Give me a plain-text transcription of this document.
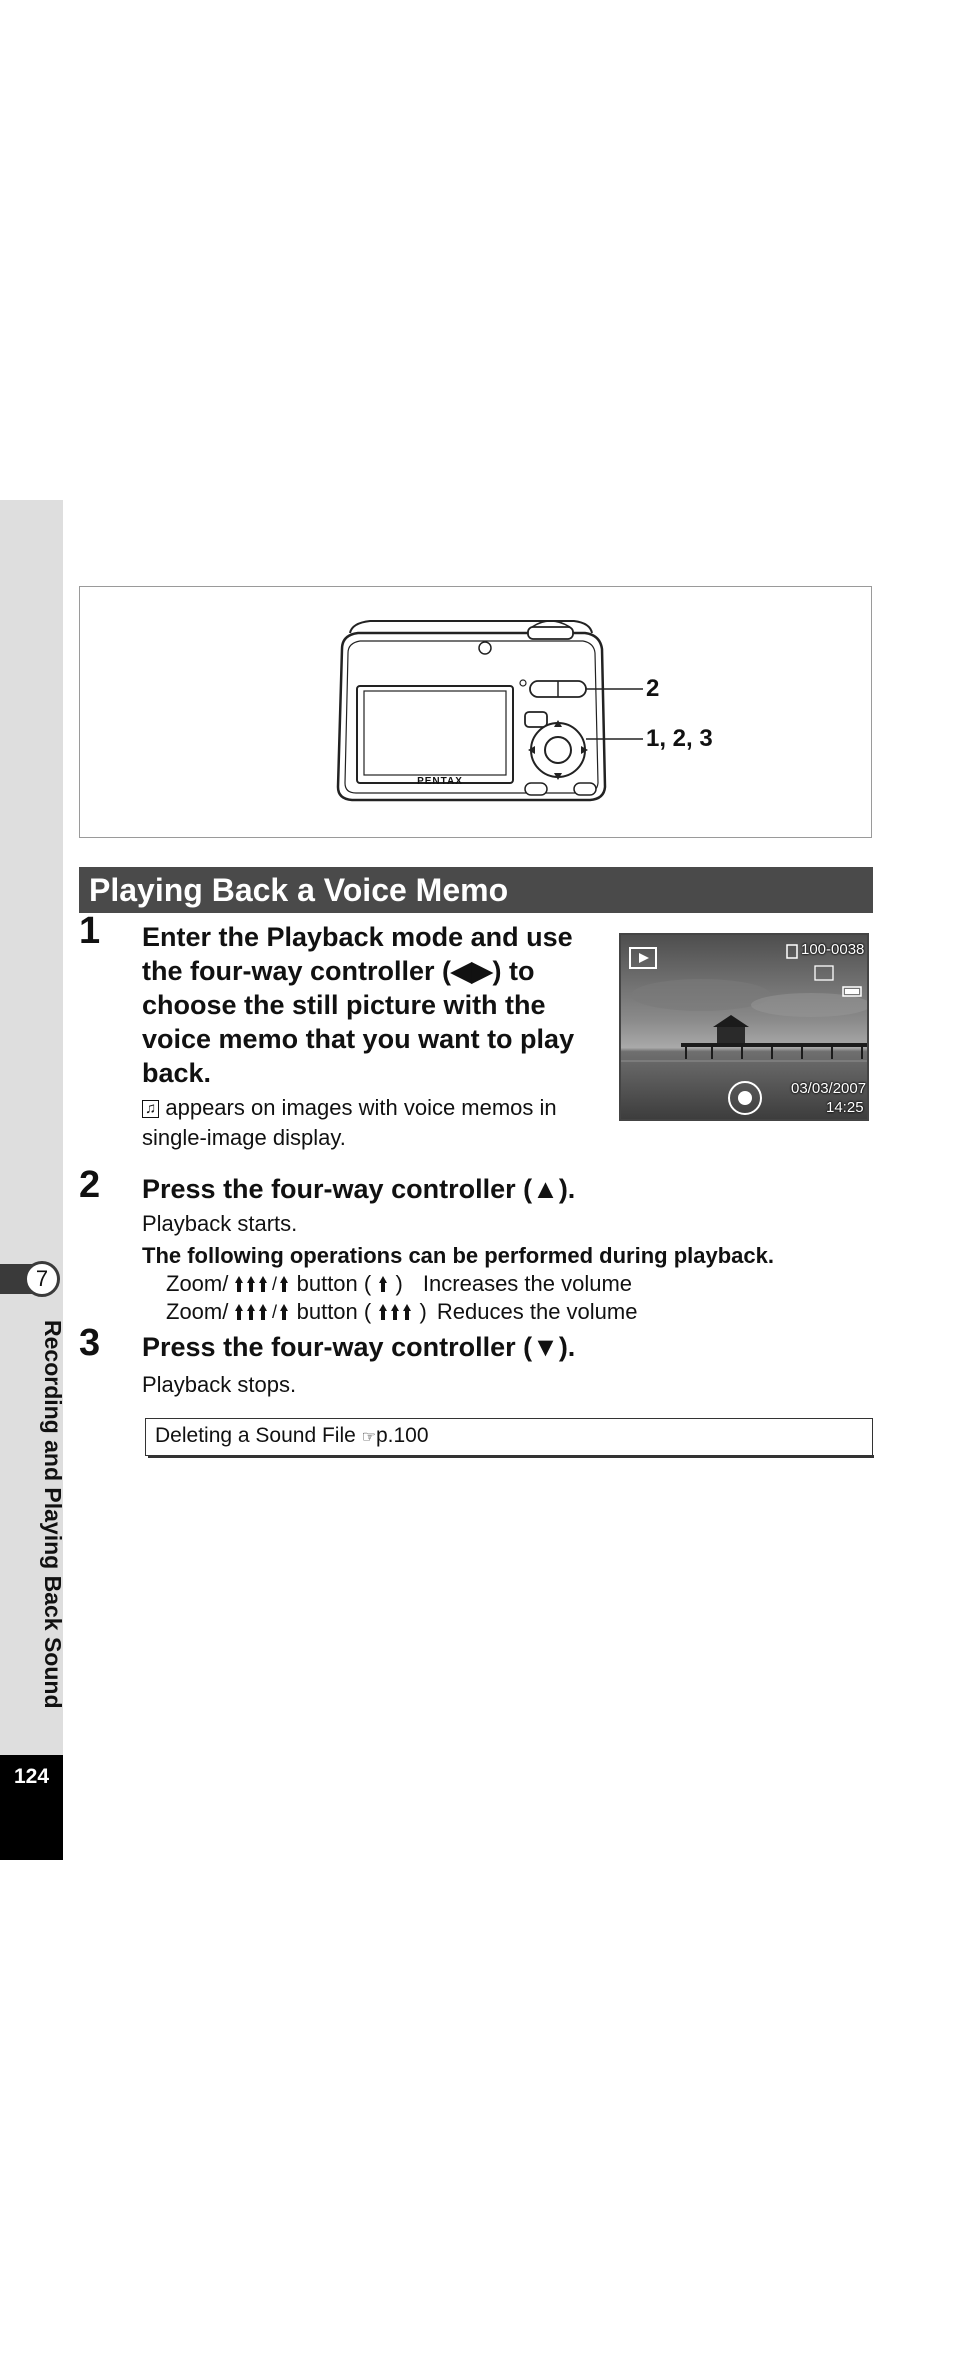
7
Recording and Playing Back Sound
124
PENTAX
2
1, 2, 3
Playing Back a Voice Memo
1 Enter the Playback mode and use
the four-way controller (◀▶) to
choose the still picture with the
voice memo that you want to play
back.
♫ appears on images with voice memos in
single-image display.
100-0038
03/03/2007
14:25
2 Press the four-way controller (▲).
Playback starts.
The following operations can be performed during playback.
Zoom/ / button ( ) Increases the volume
Zoom/ / button ( ) Reduces the volume
3 Press the four-way controller (▼).
Playback stops.
Deleting a Sound File ☞p.100
